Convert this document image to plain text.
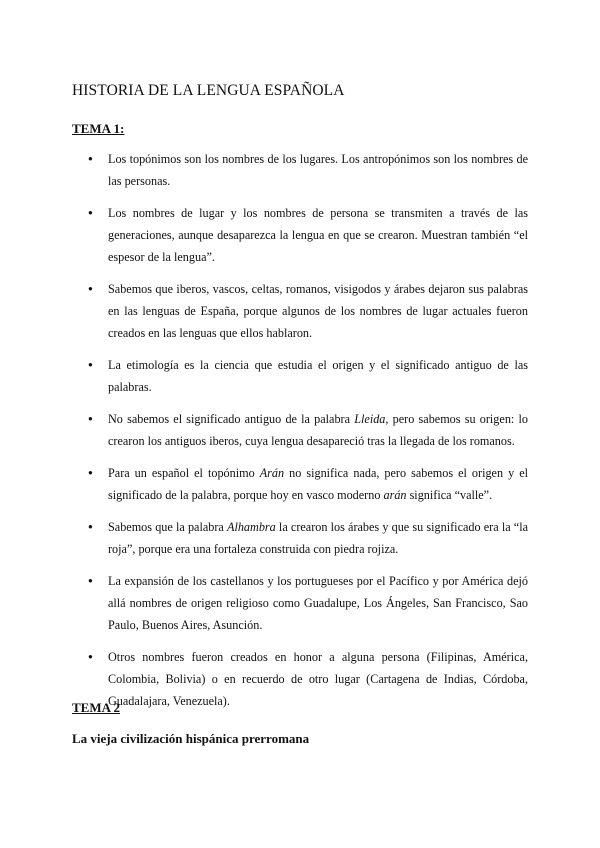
HISTORIA DE LA LENGUA ESPAÑOLA
TEMA 1:
● Los topónimos son los nombres de los lugares. Los antropónimos son los nombres de las personas.
● Los nombres de lugar y los nombres de persona se transmiten a través de las generaciones, aunque desaparezca la lengua en que se crearon. Muestran también “el espesor de la lengua”.
● Sabemos que iberos, vascos, celtas, romanos, visigodos y árabes dejaron sus palabras en las lenguas de España, porque algunos de los nombres de lugar actuales fueron creados en las lenguas que ellos hablaron.
● La etimología es la ciencia que estudia el origen y el significado antiguo de las palabras.
● No sabemos el significado antiguo de la palabra Lleida, pero sabemos su origen: lo crearon los antiguos iberos, cuya lengua desapareció tras la llegada de los romanos.
● Para un español el topónimo Arán no significa nada, pero sabemos el origen y el significado de la palabra, porque hoy en vasco moderno arán significa “valle”.
● Sabemos que la palabra Alhambra la crearon los árabes y que su significado era la “la roja”, porque era una fortaleza construida con piedra rojiza.
● La expansión de los castellanos y los portugueses por el Pacífico y por América dejó allá nombres de origen religioso como Guadalupe, Los Ángeles, San Francisco, Sao Paulo, Buenos Aires, Asunción.
● Otros nombres fueron creados en honor a alguna persona (Filipinas, América, Colombia, Bolivia) o en recuerdo de otro lugar (Cartagena de Indias, Córdoba, Guadalajara, Venezuela).
TEMA 2
La vieja civilización hispánica prerromana
